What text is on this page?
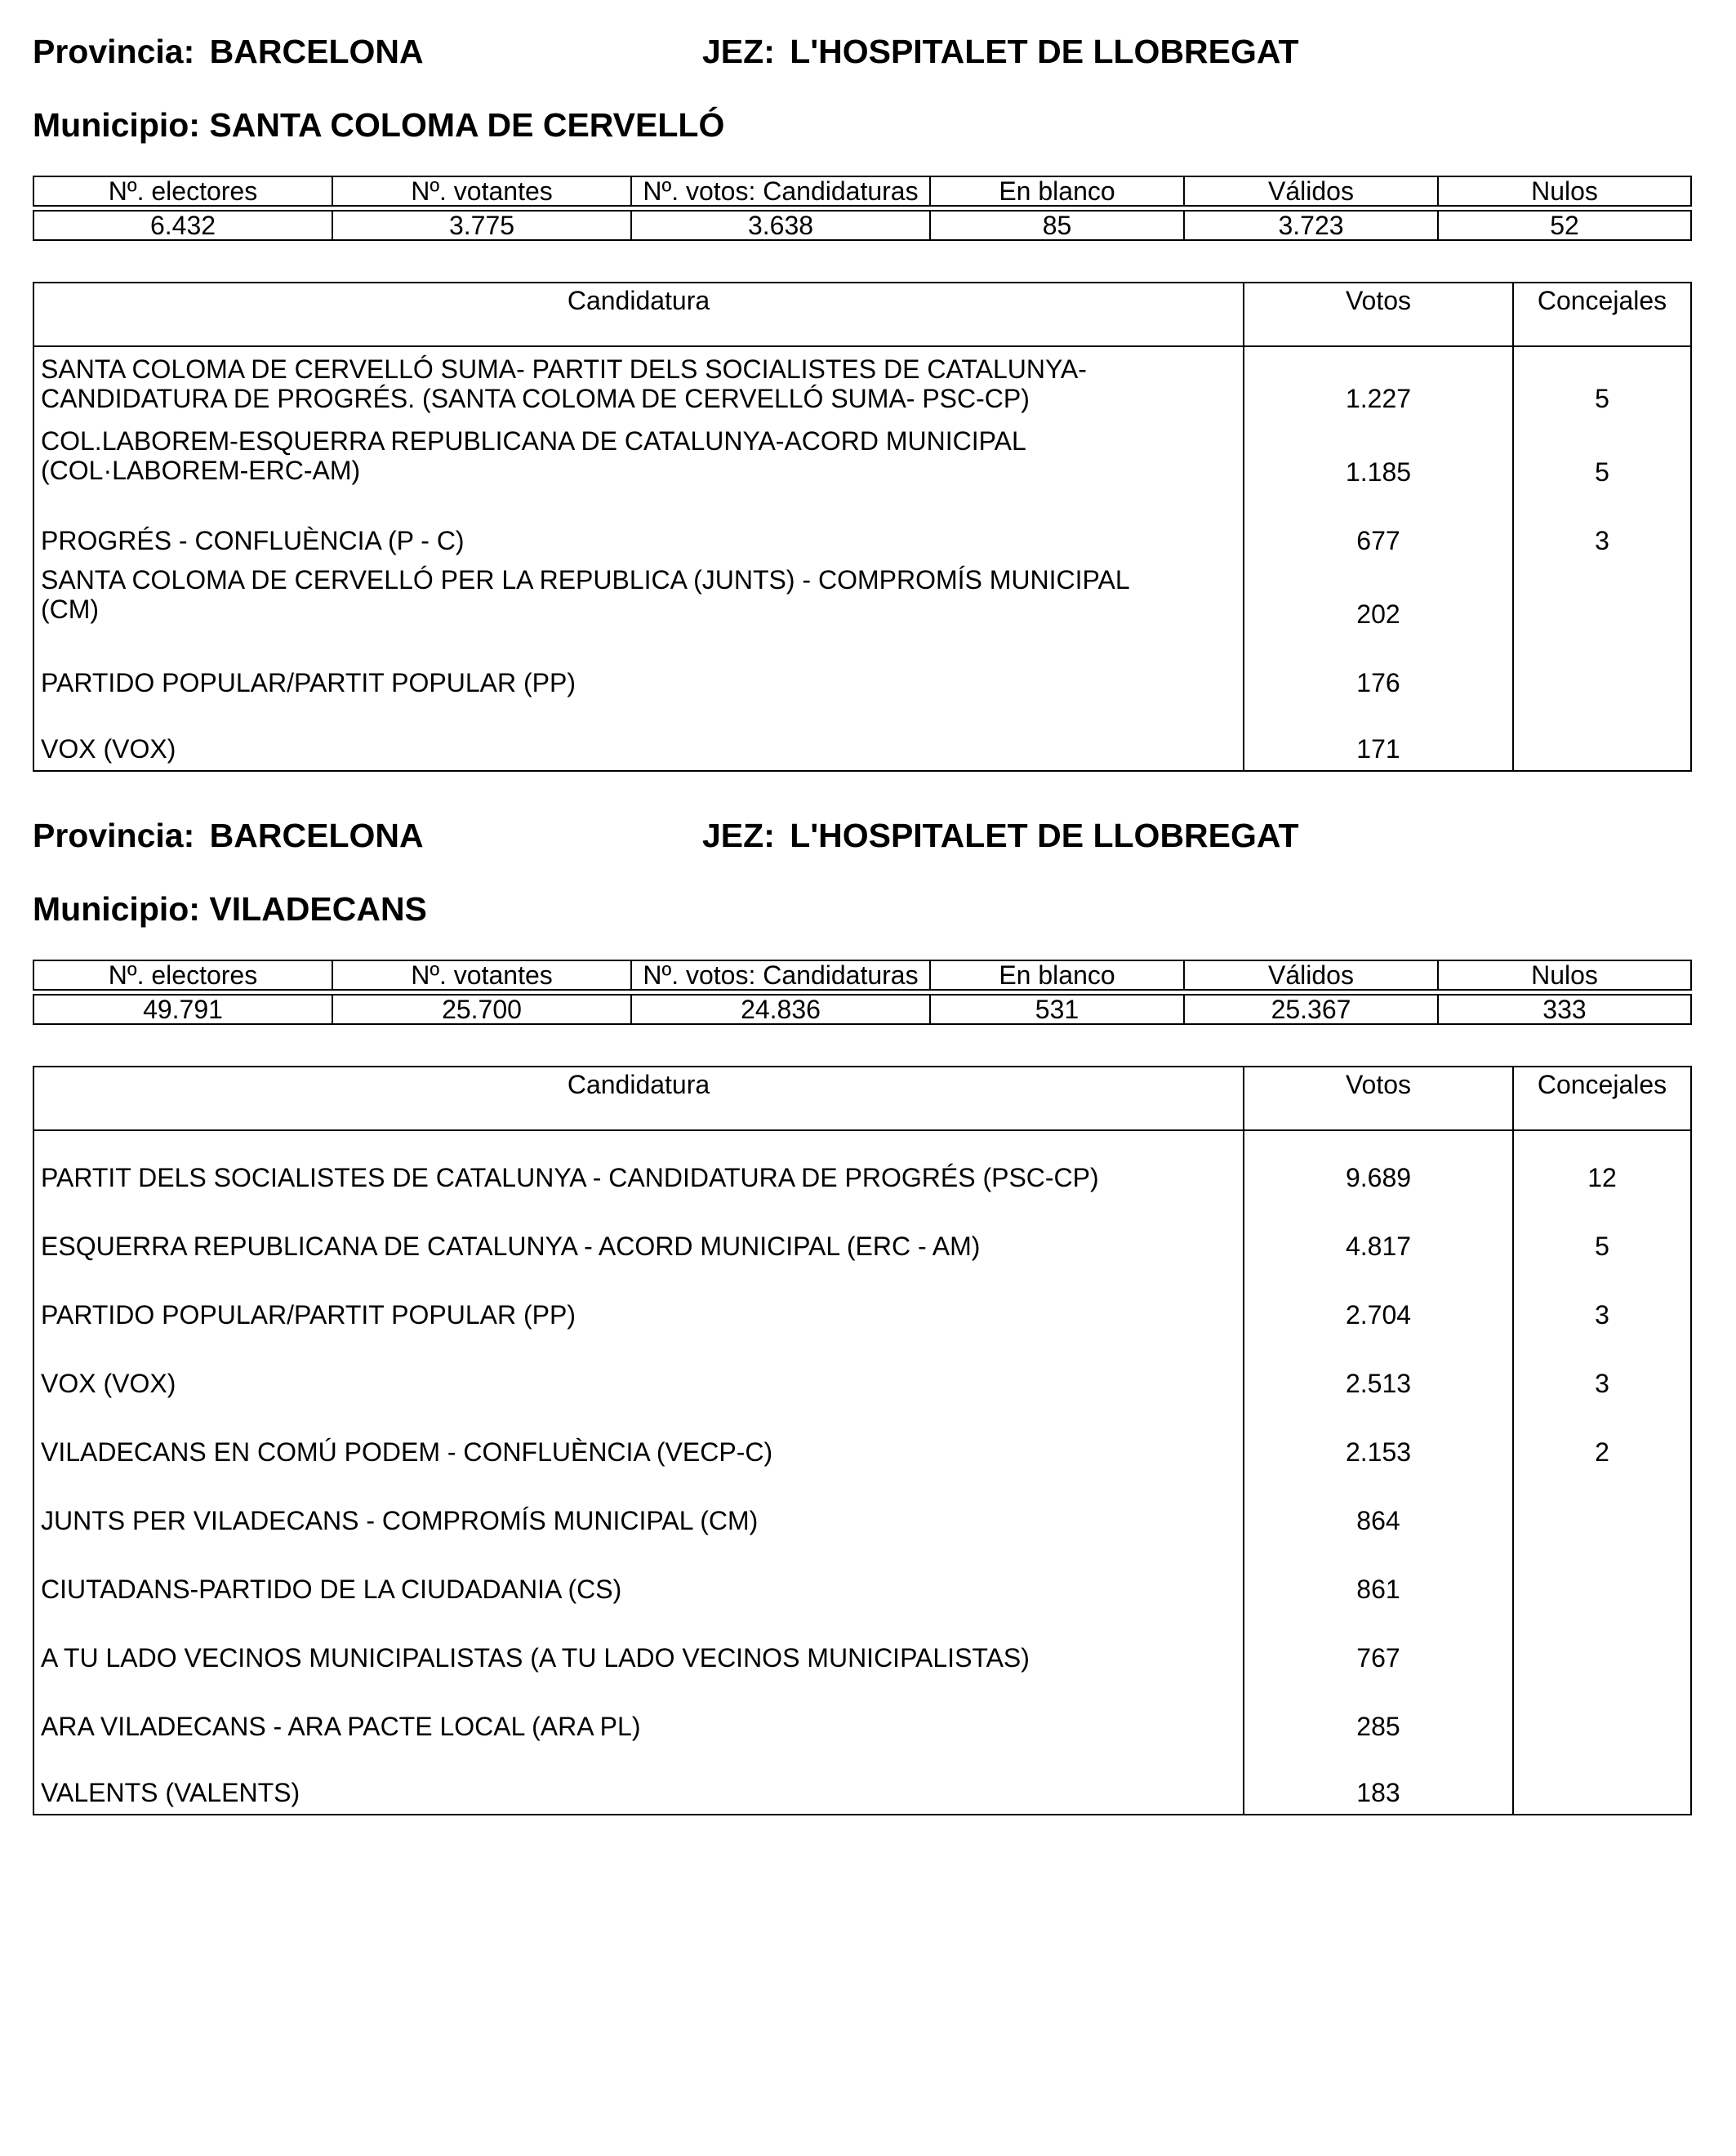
Provincia: BARCELONA	JEZ: L'HOSPITALET DE LLOBREGAT
Municipio: SANTA COLOMA DE CERVELLÓ
Nº. electores	Nº. votantes	Nº. votos: Candidaturas	En blanco	Válidos	Nulos

6.432	3.775	3.638	85	3.723	52
Candidatura	Votos	Concejales
SANTA COLOMA DE CERVELLÓ SUMA- PARTIT DELS SOCIALISTES DE CATALUNYA-
CANDIDATURA DE PROGRÉS. (SANTA COLOMA DE CERVELLÓ SUMA- PSC-CP)	1.227	5
COL.LABOREM-ESQUERRA REPUBLICANA DE CATALUNYA-ACORD MUNICIPAL
(COL·LABOREM-ERC-AM)	1.185	5
PROGRÉS - CONFLUÈNCIA (P - C)	677	3
SANTA COLOMA DE CERVELLÓ PER LA REPUBLICA (JUNTS) - COMPROMÍS MUNICIPAL
(CM)	202	
PARTIDO POPULAR/PARTIT POPULAR (PP)	176	
VOX (VOX)	171	
Provincia: BARCELONA	JEZ: L'HOSPITALET DE LLOBREGAT
Municipio: VILADECANS
Nº. electores	Nº. votantes	Nº. votos: Candidaturas	En blanco	Válidos	Nulos

49.791	25.700	24.836	531	25.367	333
Candidatura	Votos	Concejales
PARTIT DELS SOCIALISTES DE CATALUNYA - CANDIDATURA DE PROGRÉS (PSC-CP)	9.689	12
ESQUERRA REPUBLICANA DE CATALUNYA - ACORD MUNICIPAL (ERC - AM)	4.817	5
PARTIDO POPULAR/PARTIT POPULAR (PP)	2.704	3
VOX (VOX)	2.513	3
VILADECANS EN COMÚ PODEM - CONFLUÈNCIA (VECP-C)	2.153	2
JUNTS PER VILADECANS - COMPROMÍS MUNICIPAL (CM)	864	
CIUTADANS-PARTIDO DE LA CIUDADANIA (CS)	861	
A TU LADO VECINOS MUNICIPALISTAS (A TU LADO VECINOS MUNICIPALISTAS)	767	
ARA VILADECANS - ARA PACTE LOCAL (ARA PL)	285	
VALENTS (VALENTS)	183	
